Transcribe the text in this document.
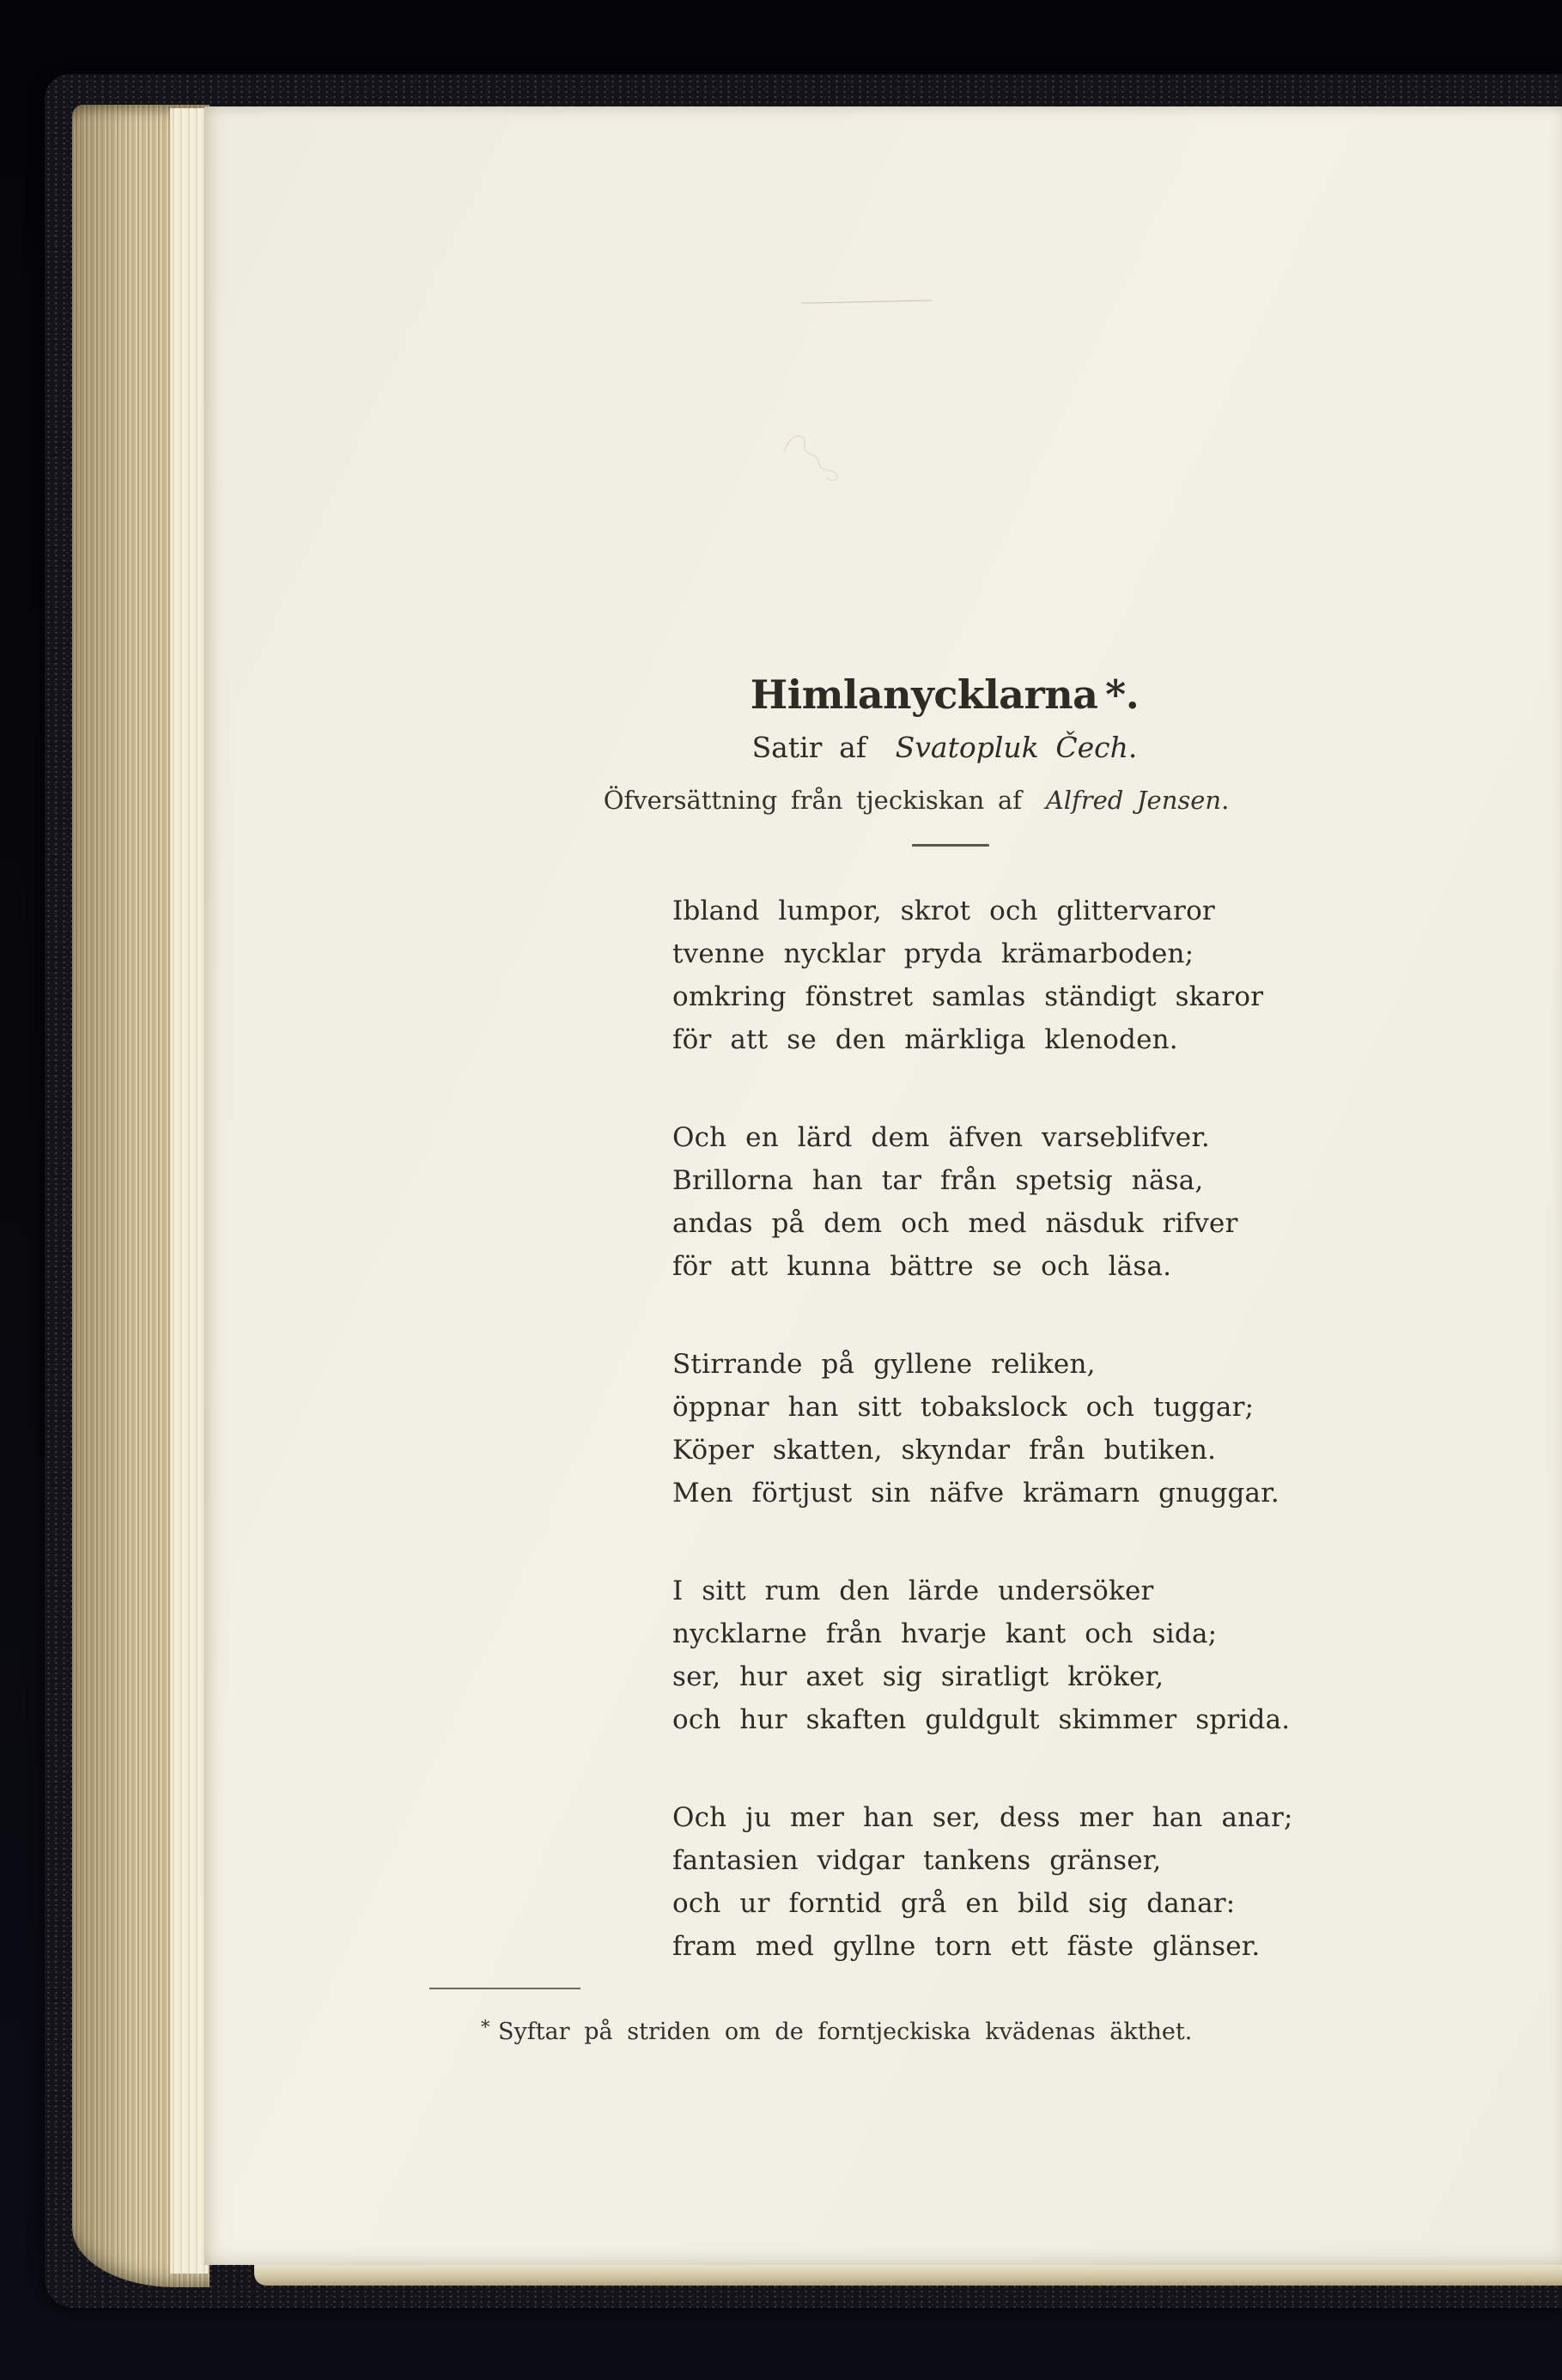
Himlanycklarna *.
Satir af Svatopluk Čech.
Öfversättning från tjeckiskan af Alfred Jensen.
Ibland lumpor, skrot och glittervaror
tvenne nycklar pryda krämarboden;
omkring fönstret samlas ständigt skaror
för att se den märkliga klenoden.
Och en lärd dem äfven varseblifver.
Brillorna han tar från spetsig näsa,
andas på dem och med näsduk rifver
för att kunna bättre se och läsa.
Stirrande på gyllene reliken,
öppnar han sitt tobakslock och tuggar;
Köper skatten, skyndar från butiken.
Men förtjust sin näfve krämarn gnuggar.
I sitt rum den lärde undersöker
nycklarne från hvarje kant och sida;
ser, hur axet sig siratligt kröker,
och hur skaften guldgult skimmer sprida.
Och ju mer han ser, dess mer han anar;
fantasien vidgar tankens gränser,
och ur forntid grå en bild sig danar:
fram med gyllne torn ett fäste glänser.
* Syftar på striden om de forntjeckiska kvädenas äkthet.
